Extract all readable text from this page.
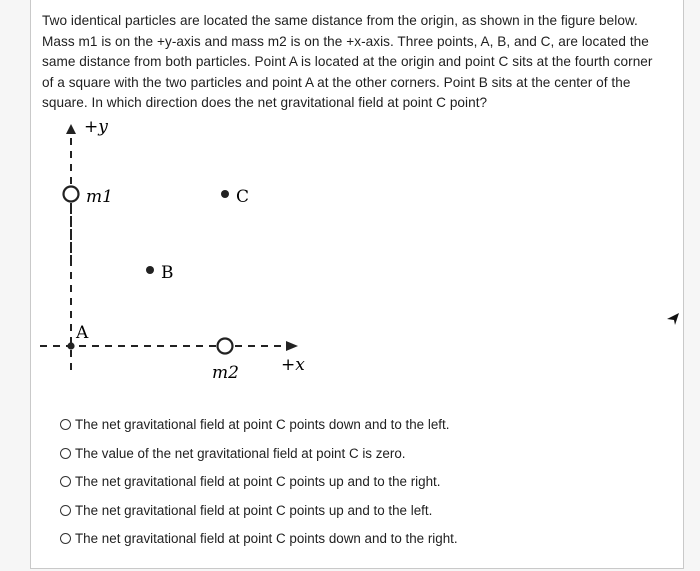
Two identical particles are located the same distance from the origin, as shown in the figure below. Mass m1 is on the +y-axis and mass m2 is on the +x-axis. Three points, A, B, and C, are located the same distance from both particles. Point A is located at the origin and point C sits at the fourth corner of a square with the two particles and point A at the other corners. Point B sits at the center of the square. In which direction does the net gravitational field at point C point?

+y
m1	C
B
A
m2 +x
The net gravitational field at point C points down and to the left.
The value of the net gravitational field at point C is zero.
The net gravitational field at point C points up and to the right.
The net gravitational field at point C points up and to the left.
The net gravitational field at point C points down and to the right.
